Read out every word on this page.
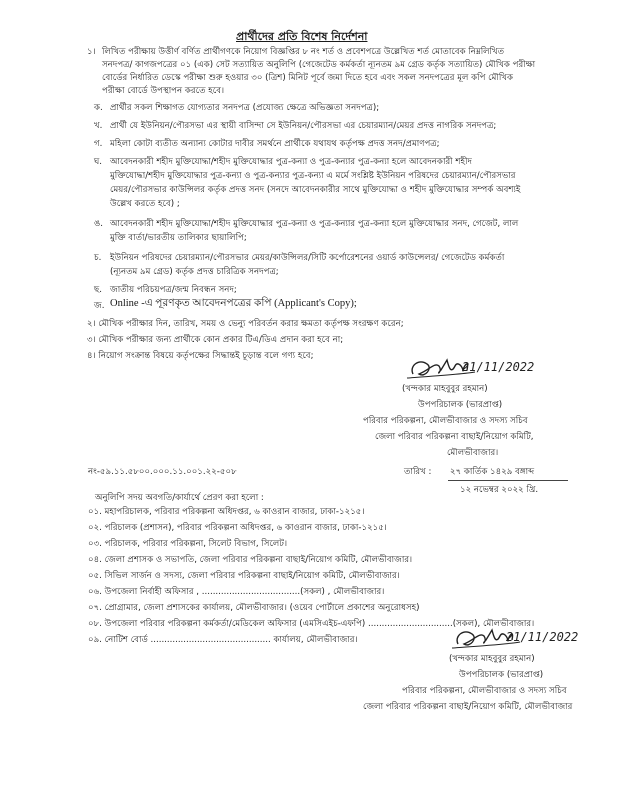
প্রার্থীদের প্রতি বিশেষ নির্দেশনা
১। লিখিত পরীক্ষায় উত্তীর্ণ বর্ণিত প্রার্থীগণকে নিয়োগ বিজ্ঞপ্তির ৮ নং শর্ত ও প্রবেশপত্রে উল্লেখিত শর্ত মোতাবেক নিম্নলিখিত
সনদপত্র/ কাগজপত্রের ০১ (এক) সেট সত্যায়িত অনুলিপি (গেজেটেড কর্মকর্তা ন্যূনতম ৯ম গ্রেড কর্তৃক সত্যায়িত) মৌখিক পরীক্ষা
বোর্ডের নির্ধারিত ডেস্কে পরীক্ষা শুরু হওয়ার ৩০ (ত্রিশ) মিনিট পূর্বে জমা দিতে হবে এবং সকল সনদপত্রের মূল কপি মৌখিক
পরীক্ষা বোর্ডে উপস্থাপন করতে হবে।
ক. প্রার্থীর সকল শিক্ষাগত যোগ্যতার সনদপত্র (প্রযোজ্য ক্ষেত্রে অভিজ্ঞতা সনদপত্র);
খ. প্রার্থী যে ইউনিয়ন/পৌরসভা এর স্থায়ী বাসিন্দা সে ইউনিয়ন/পৌরসভা এর চেয়ারম্যান/মেয়র প্রদত্ত নাগরিক সনদপত্র;
গ. মহিলা কোটা ব্যতীত অন্যান্য কোটার দাবীর সমর্থনে প্রার্থীকে যথাযথ কর্তৃপক্ষ প্রদত্ত সনদ/প্রমাণপত্র;
ঘ. আবেদনকারী শহীদ মুক্তিযোদ্ধা/শহীদ মুক্তিযোদ্ধার পুত্র-কন্যা ও পুত্র-কন্যার পুত্র-কন্যা হলে আবেদনকারী শহীদ
মুক্তিযোদ্ধা/শহীদ মুক্তিযোদ্ধার পুত্র-কন্যা ও পুত্র-কন্যার পুত্র-কন্যা এ মর্মে সংশ্লিষ্ট ইউনিয়ন পরিষদের চেয়ারম্যান/পৌরসভার
মেয়র/পৌরসভার কাউন্সিলর কর্তৃক প্রদত্ত সনদ (সনদে আবেদনকারীর সাথে মুক্তিযোদ্ধা ও শহীদ মুক্তিযোদ্ধার সম্পর্ক অবশ্যই
উল্লেখ করতে হবে) ;
ঙ. আবেদনকারী শহীদ মুক্তিযোদ্ধা/শহীদ মুক্তিযোদ্ধার পুত্র-কন্যা ও পুত্র-কন্যার পুত্র-কন্যা হলে মুক্তিযোদ্ধার সনদ, গেজেট, লাল
মুক্তি বার্তা/ভারতীয় তালিকার ছায়ালিপি;
চ. ইউনিয়ন পরিষদের চেয়ারম্যান/পৌরসভার মেয়র/কাউন্সিলর/সিটি কর্পোরেশনের ওয়ার্ড কাউন্সেলর/ গেজেটেড কর্মকর্তা
(ন্যূনতম ৯ম গ্রেড) কর্তৃক প্রদত্ত চারিত্রিক সনদপত্র;
ছ. জাতীয় পরিচয়পত্র/জন্ম নিবন্ধন সনদ;
জ. Online -এ পূরণকৃত আবেদনপত্রের কপি (Applicant's Copy);
২। মৌখিক পরীক্ষার দিন, তারিখ, সময় ও ভেন্যু পরিবর্তন করার ক্ষমতা কর্তৃপক্ষ সংরক্ষণ করেন;
৩। মৌখিক পরীক্ষার জন্য প্রার্থীকে কোন প্রকার টিএ/ডিএ প্রদান করা হবে না;
৪। নিয়োগ সংক্রান্ত বিষয়ে কর্তৃপক্ষের সিদ্ধান্তই চূড়ান্ত বলে গণ্য হবে;
21/11/2022
(খন্দকার মাহবুবুর রহমান)
উপপরিচালক (ভারপ্রাপ্ত)
পরিবার পরিকল্পনা, মৌলভীবাজার ও সদস্য সচিব
জেলা পরিবার পরিকল্পনা বাছাই/নিয়োগ কমিটি,
মৌলভীবাজার।
নং-৫৯.১১.৫৮০০.০০০.১১.০০১.২২-৫০৮	তারিখ : ২৭ কার্তিক ১৪২৯ বঙ্গাব্দ
১২ নভেম্বর ২০২২ খ্রি.
অনুলিপি সদয় অবগতি/কার্যার্থে প্রেরণ করা হলো :
০১. মহাপরিচালক, পরিবার পরিকল্পনা অধিদপ্তর, ৬ কাওরান বাজার, ঢাকা-১২১৫।
০২. পরিচালক (প্রশাসন), পরিবার পরিকল্পনা অধিদপ্তর, ৬ কাওরান বাজার, ঢাকা-১২১৫।
০৩. পরিচালক, পরিবার পরিকল্পনা, সিলেট বিভাগ, সিলেট।
০৪. জেলা প্রশাসক ও সভাপতি, জেলা পরিবার পরিকল্পনা বাছাই/নিয়োগ কমিটি, মৌলভীবাজার।
০৫. সিভিল সার্জন ও সদস্য, জেলা পরিবার পরিকল্পনা বাছাই/নিয়োগ কমিটি, মৌলভীবাজার।
০৬. উপজেলা নির্বাহী অফিসার , ....................................(সকল) , মৌলভীবাজার।
০৭. প্রোগ্রামার, জেলা প্রশাসকের কার্যালয়, মৌলভীবাজার। (ওয়েব পোর্টালে প্রকাশের অনুরোধসহ)
০৮. উপজেলা পরিবার পরিকল্পনা কর্মকর্তা/মেডিকেল অফিসার (এমসিএইচ-এফপি) ...............................(সকল), মৌলভীবাজার।
০৯. নোটিশ বোর্ড ............................................ কার্যালয়, মৌলভীবাজার।	21/11/2022
(খন্দকার মাহবুবুর রহমান)
উপপরিচালক (ভারপ্রাপ্ত)
পরিবার পরিকল্পনা, মৌলভীবাজার ও সদস্য সচিব
জেলা পরিবার পরিকল্পনা বাছাই/নিয়োগ কমিটি, মৌলভীবাজার
